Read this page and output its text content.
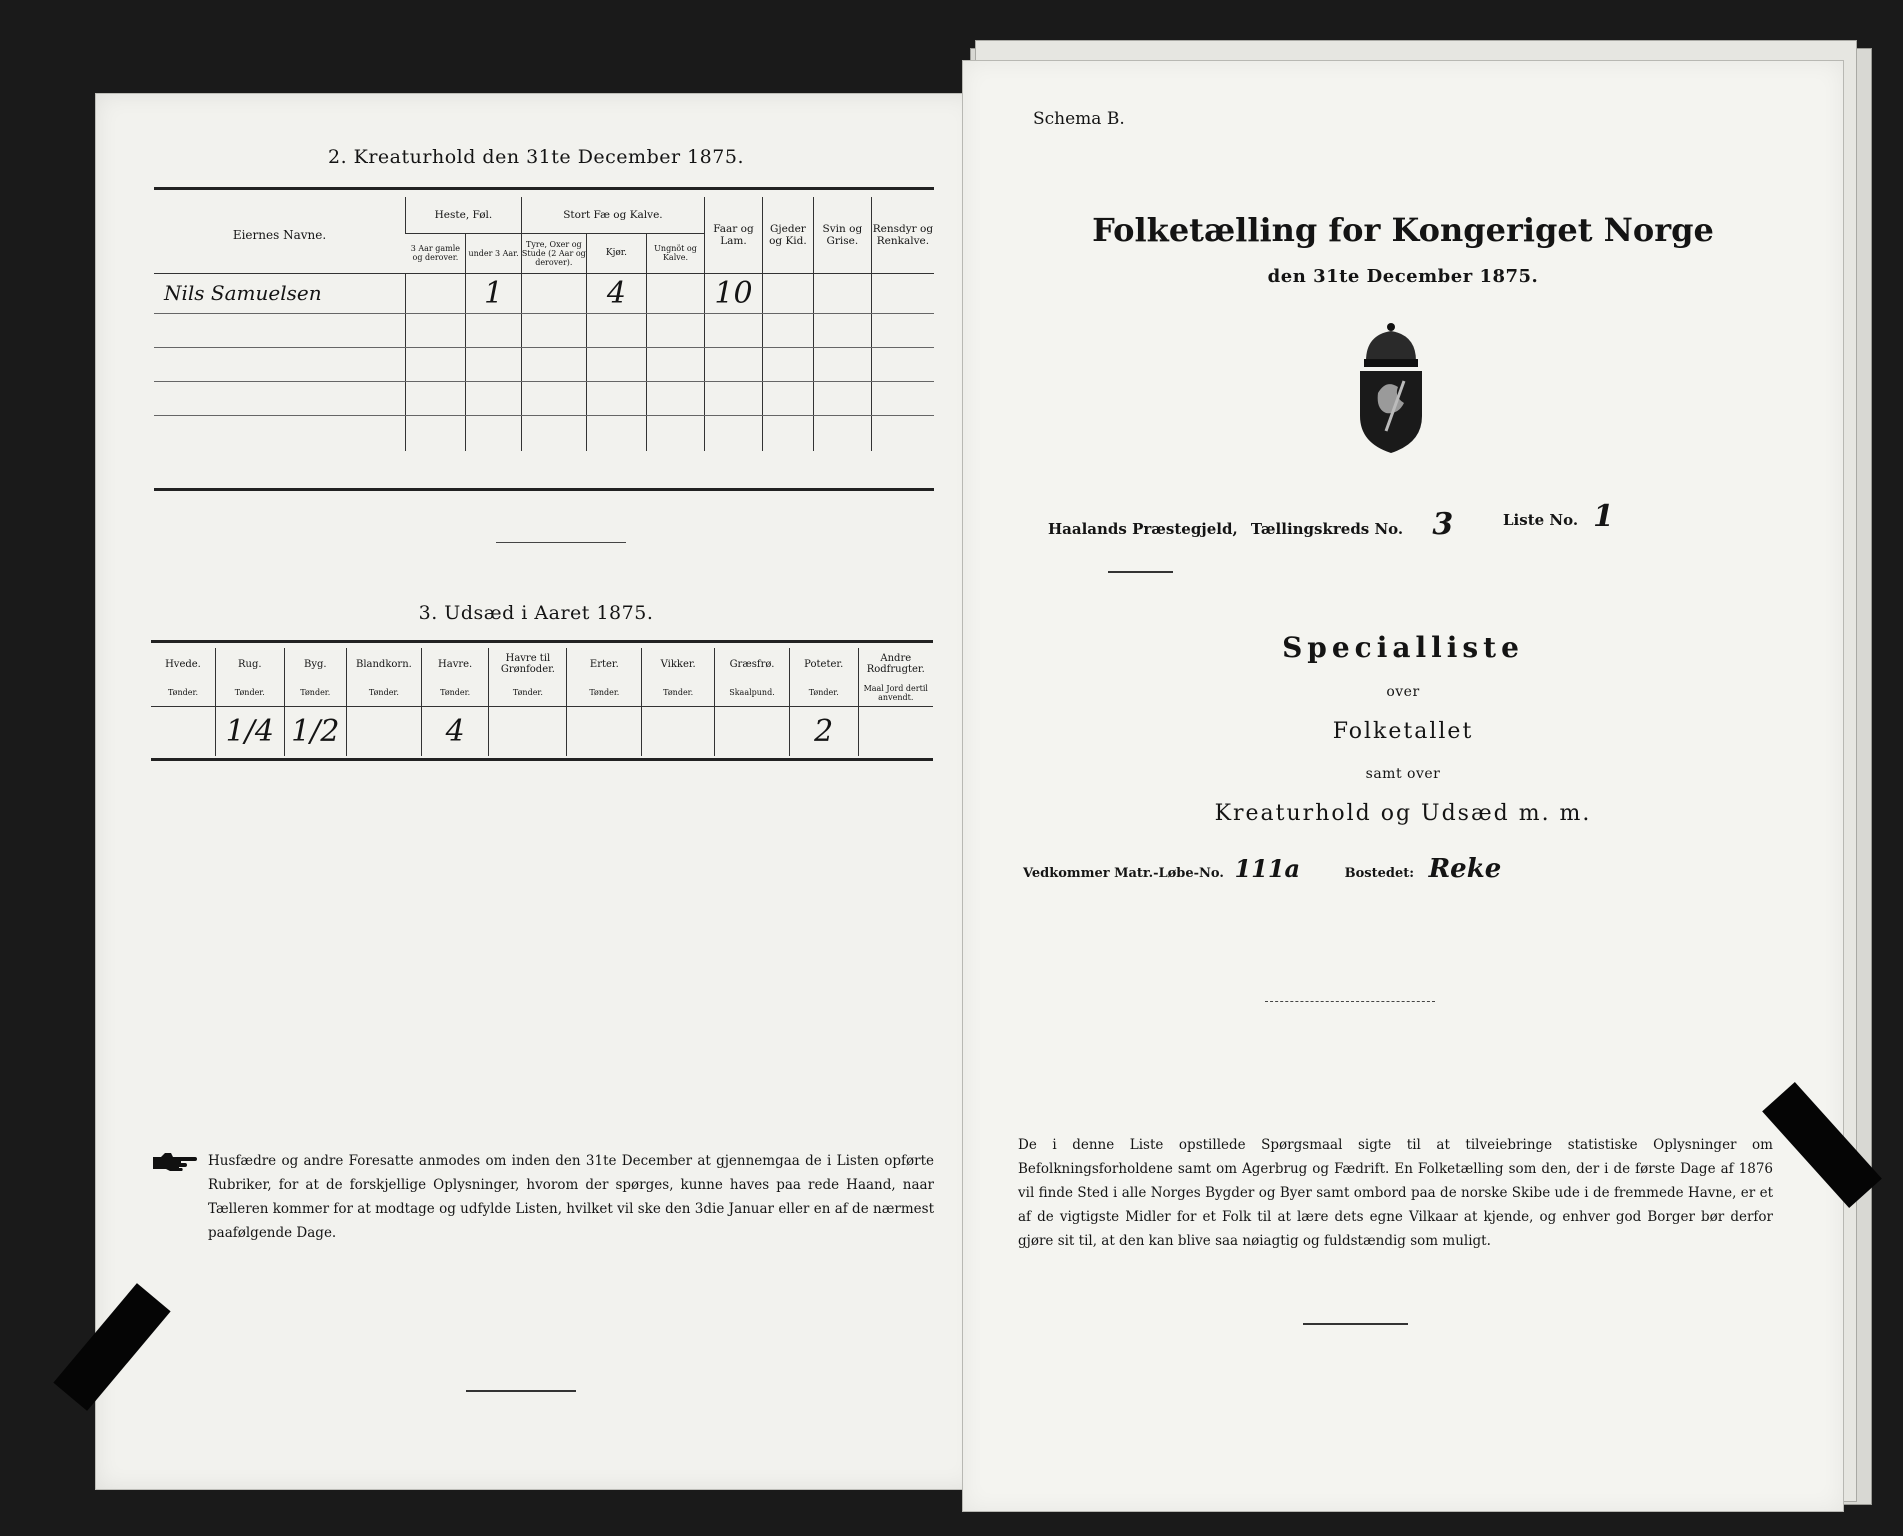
2. Kreaturhold den 31te December 1875.
Eiernes Navne.	Heste, Føl.		Stort Fæ og Kalve.			Faar og Lam.	Gjeder og Kid.	Svin og Grise.	Rensdyr og Renkalve.
	3 Aar gamle og derover.	under 3 Aar.	Tyre, Oxer og Stude (2 Aar og derover).	Kjør.	Ungnöt og Kalve.				
Nils Samuelsen		1		4		10			

3. Udsæd i Aaret 1875.
Hvede.	Rug.	Byg.	Blandkorn.	Havre.	Havre til Grønfoder.	Erter.	Vikker.	Græsfrø.	Poteter.	Andre Rodfrugter.
Tønder.	Tønder.	Tønder.	Tønder.	Tønder.	Tønder.	Tønder.	Tønder.	Skaalpund.	Tønder.	Maal Jord dertil anvendt.
	1/4	1/2		4					2	
Husfædre og andre Foresatte anmodes om inden den 31te December at gjennemgaa de i Listen opførte Rubriker, for at de forskjellige Oplysninger, hvorom der spørges, kunne haves paa rede Haand, naar Tælleren kommer for at modtage og udfylde Listen, hvilket vil ske den 3die Januar eller en af de nærmest paafølgende Dage.
Schema B.
Folketælling for Kongeriget Norge
den 31te December 1875.
Haalands Præstegjeld, Tællingskreds No. 3	Liste No. 1
Specialliste
over
Folketallet
samt over
Kreaturhold og Udsæd m. m.
Vedkommer Matr.-Løbe-No. 111a	Bostedet: Reke
De i denne Liste opstillede Spørgsmaal sigte til at tilveiebringe statistiske Oplysninger om Befolkningsforholdene samt om Agerbrug og Fædrift. En Folketælling som den, der i de første Dage af 1876 vil finde Sted i alle Norges Bygder og Byer samt ombord paa de norske Skibe ude i de fremmede Havne, er et af de vigtigste Midler for et Folk til at lære dets egne Vilkaar at kjende, og enhver god Borger bør derfor gjøre sit til, at den kan blive saa nøiagtig og fuldstændig som muligt.
